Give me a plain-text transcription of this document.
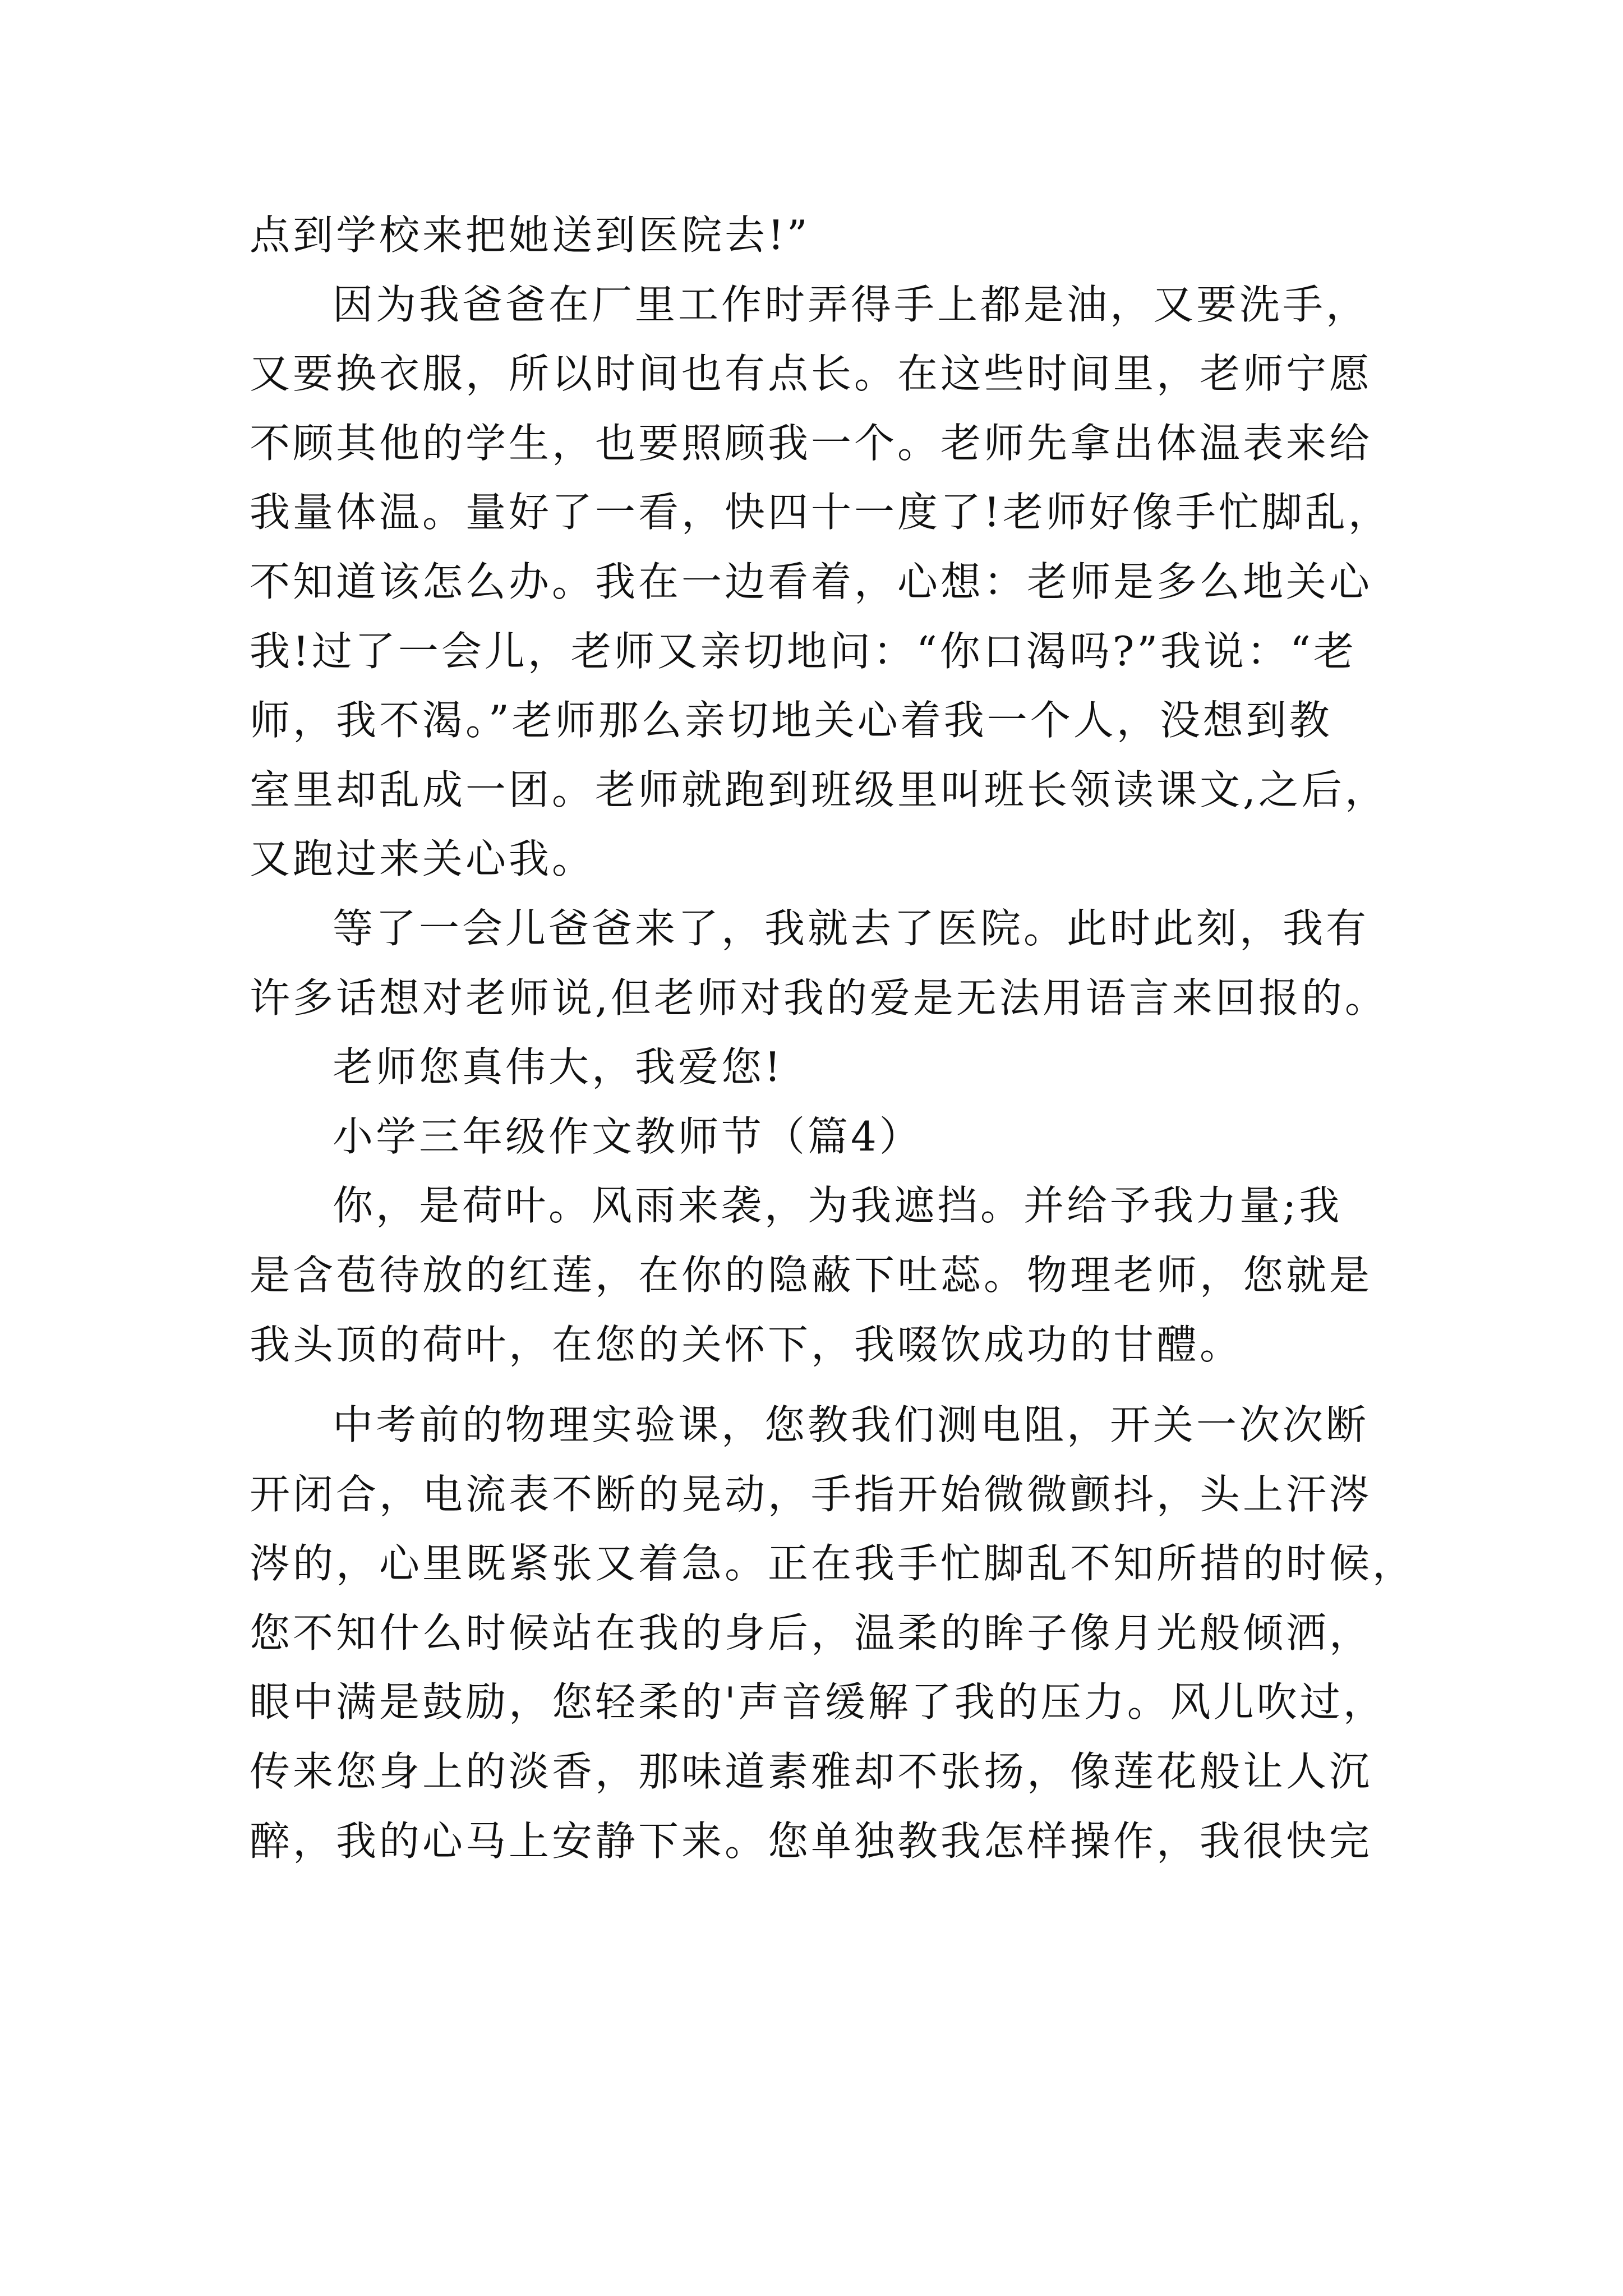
点到学校来把她送到医院去!”
因为我爸爸在厂里工作时弄得手上都是油，又要洗手，
又要换衣服，所以时间也有点长。在这些时间里，老师宁愿
不顾其他的学生，也要照顾我一个。老师先拿出体温表来给
我量体温。量好了一看，快四十一度了!老师好像手忙脚乱，
不知道该怎么办。我在一边看着，心想：老师是多么地关心
我!过了一会儿，老师又亲切地问：“你口渴吗?”我说：“老
师，我不渴。”老师那么亲切地关心着我一个人，没想到教
室里却乱成一团。老师就跑到班级里叫班长领读课文,之后，
又跑过来关心我。
等了一会儿爸爸来了，我就去了医院。此时此刻，我有
许多话想对老师说,但老师对我的爱是无法用语言来回报的。
老师您真伟大，我爱您!
小学三年级作文教师节（篇4）
你，是荷叶。风雨来袭，为我遮挡。并给予我力量;我
是含苞待放的红莲，在你的隐蔽下吐蕊。物理老师，您就是
我头顶的荷叶，在您的关怀下，我啜饮成功的甘醴。
中考前的物理实验课，您教我们测电阻，开关一次次断
开闭合，电流表不断的晃动，手指开始微微颤抖，头上汗涔
涔的，心里既紧张又着急。正在我手忙脚乱不知所措的时候，
您不知什么时候站在我的身后，温柔的眸子像月光般倾洒，
眼中满是鼓励，您轻柔的'声音缓解了我的压力。风儿吹过，
传来您身上的淡香，那味道素雅却不张扬，像莲花般让人沉
醉，我的心马上安静下来。您单独教我怎样操作，我很快完
